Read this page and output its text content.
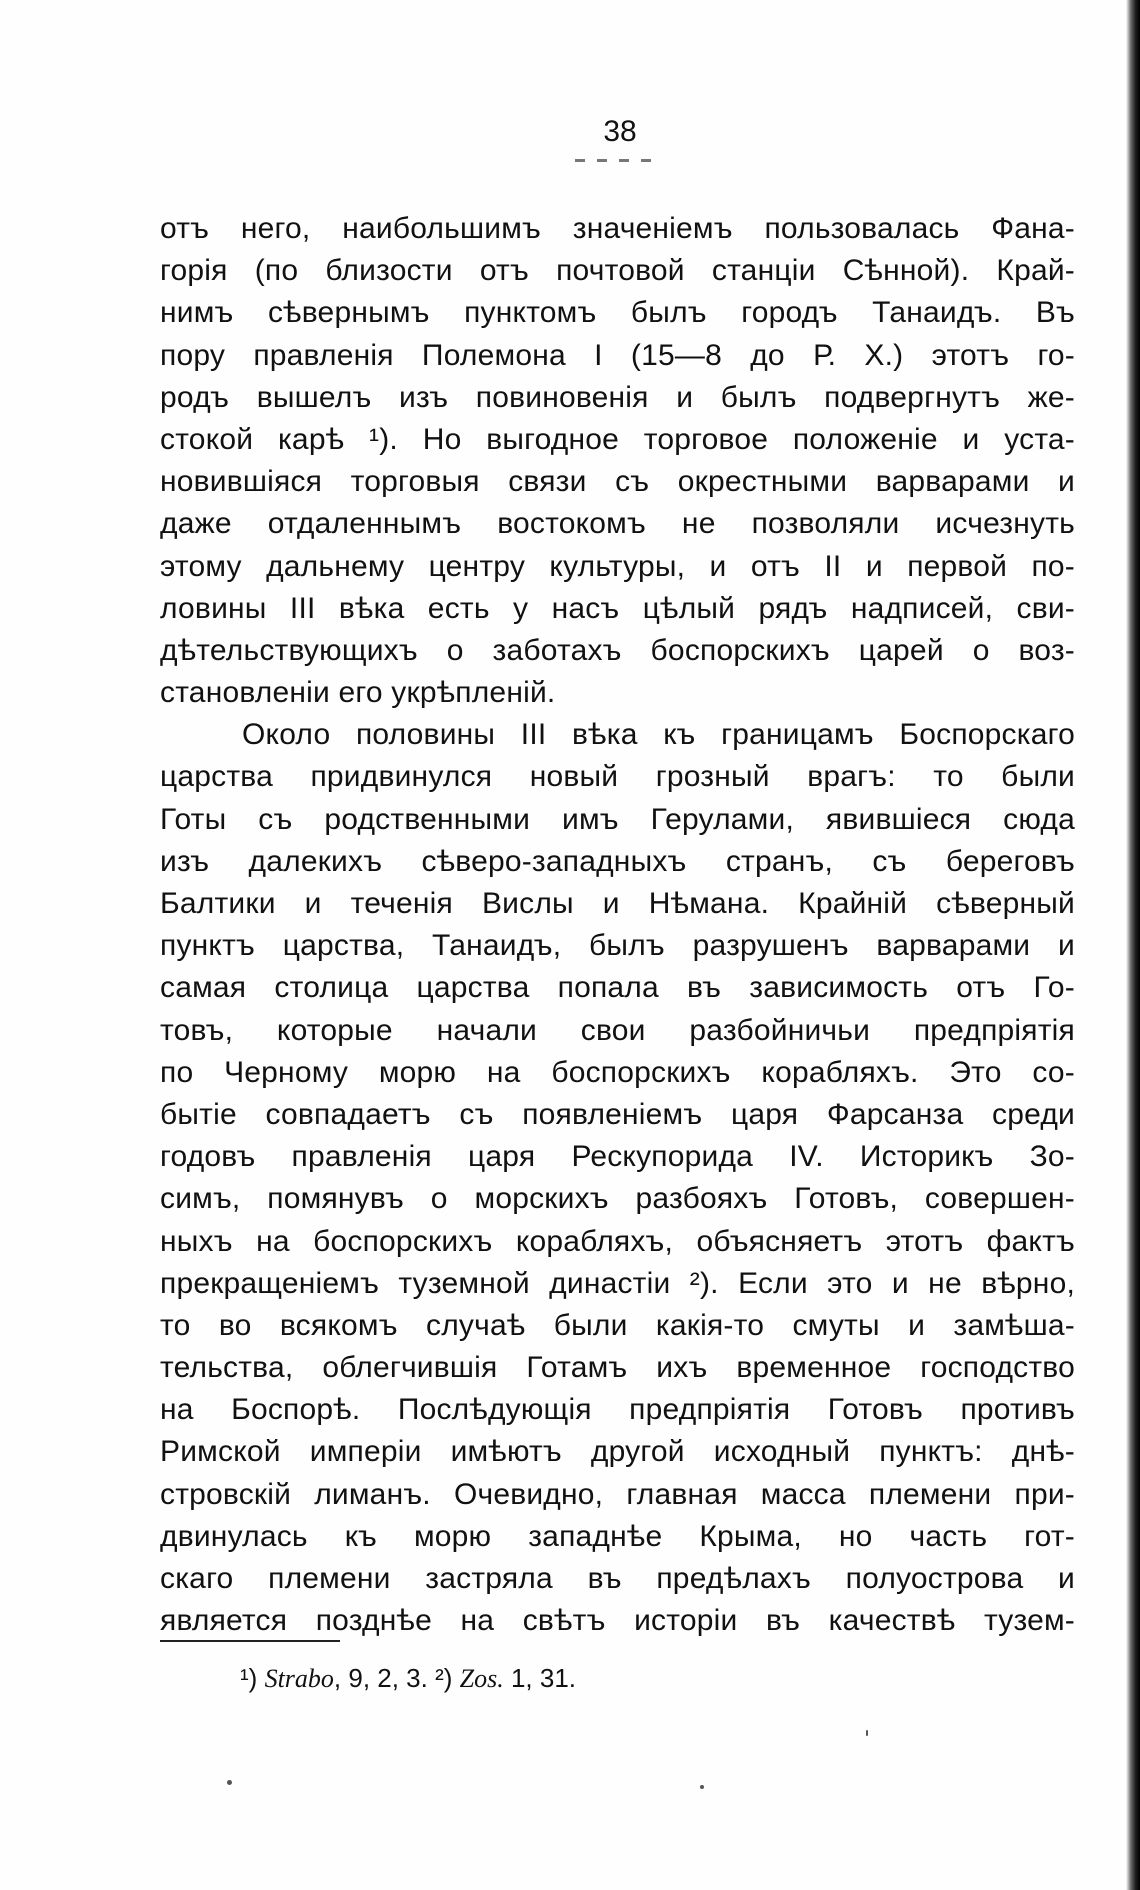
38
отъ него, наибольшимъ значенiемъ пользовалась Фана-
горiя (по близости отъ почтовой станцiи Сѣнной). Край-
нимъ сѣвернымъ пунктомъ былъ городъ Танаидъ. Въ
пору правленiя Полемона I (15—8 до Р. Х.) этотъ го-
родъ вышелъ изъ повиновенiя и былъ подвергнутъ же-
стокой карѣ ¹). Но выгодное торговое положенiе и уста-
новившiяся торговыя связи съ окрестными варварами и
даже отдаленнымъ востокомъ не позволяли исчезнуть
этому дальнему центру культуры, и отъ II и первой по-
ловины III вѣка есть у насъ цѣлый рядъ надписей, сви-
дѣтельствующихъ о заботахъ боспорскихъ царей о воз-
становленiи его укрѣпленiй.
Около половины III вѣка къ границамъ Боспорскаго
царства придвинулся новый грозный врагъ: то были
Готы съ родственными имъ Герулами, явившiеся сюда
изъ далекихъ сѣверо-западныхъ странъ, съ береговъ
Балтики и теченiя Вислы и Нѣмана. Крайнiй сѣверный
пунктъ царства, Танаидъ, былъ разрушенъ варварами и
самая столица царства попала въ зависимость отъ Го-
товъ, которые начали свои разбойничьи предпрiятiя
по Черному морю на боспорскихъ корабляхъ. Это со-
бытiе совпадаетъ съ появленiемъ царя Фарсанза среди
годовъ правленiя царя Рескупорида IV. Историкъ Зо-
симъ, помянувъ о морскихъ разбояхъ Готовъ, совершен-
ныхъ на боспорскихъ корабляхъ, объясняетъ этотъ фактъ
прекращенiемъ туземной династiи ²). Если это и не вѣрно,
то во всякомъ случаѣ были какiя-то смуты и замѣша-
тельства, облегчившiя Готамъ ихъ временное господство
на Боспорѣ. Послѣдующiя предпрiятiя Готовъ противъ
Римской имперiи имѣютъ другой исходный пунктъ: днѣ-
стровскiй лиманъ. Очевидно, главная масса племени при-
двинулась къ морю западнѣе Крыма, но часть гот-
скаго племени застряла въ предѣлахъ полуострова и
является позднѣе на свѣтъ исторiи въ качествѣ тузем-
¹) Strabo, 9, 2, 3. ²) Zos. 1, 31.
